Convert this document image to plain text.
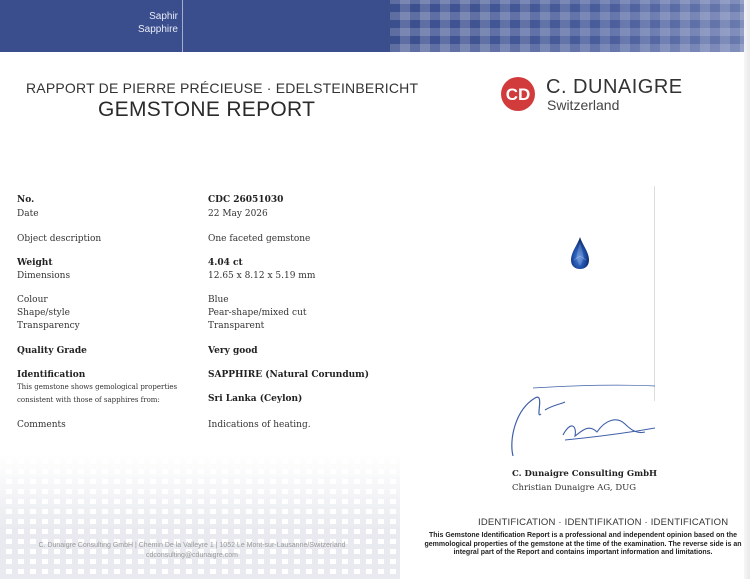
Saphir
Sapphire
RAPPORT DE PIERRE PRÉCIEUSE · EDELSTEINBERICHT
GEMSTONE REPORT
CD C. DUNAIGRE
Switzerland
No.	CDC 26051030
Date	22 May 2026
Object description	One faceted gemstone
Weight	4.04 ct
Dimensions	12.65 x 8.12 x 5.19 mm
Colour	Blue
Shape/style	Pear-shape/mixed cut
Transparency	Transparent
Quality Grade	Very good
Identification	SAPPHIRE (Natural Corundum)
This gemstone shows gemological properties
consistent with those of sapphires from:	Sri Lanka (Ceylon)
Comments	Indications of heating.
C. Dunaigre Consulting GmbH
Christian Dunaigre AG, DUG
IDENTIFICATION · IDENTIFIKATION · IDENTIFICATION
This Gemstone Identification Report is a professional and independent opinion based on the gemmological properties of the gemstone at the time of the examination. The reverse side is an integral part of the Report and contains important information and limitations.
C. Dunaigre Consulting GmbH | Chemin De la Valleyre 1 | 1052 Le Mont-sur-Lausanne/Switzerland
cdconsulting@cdunaigre.com
